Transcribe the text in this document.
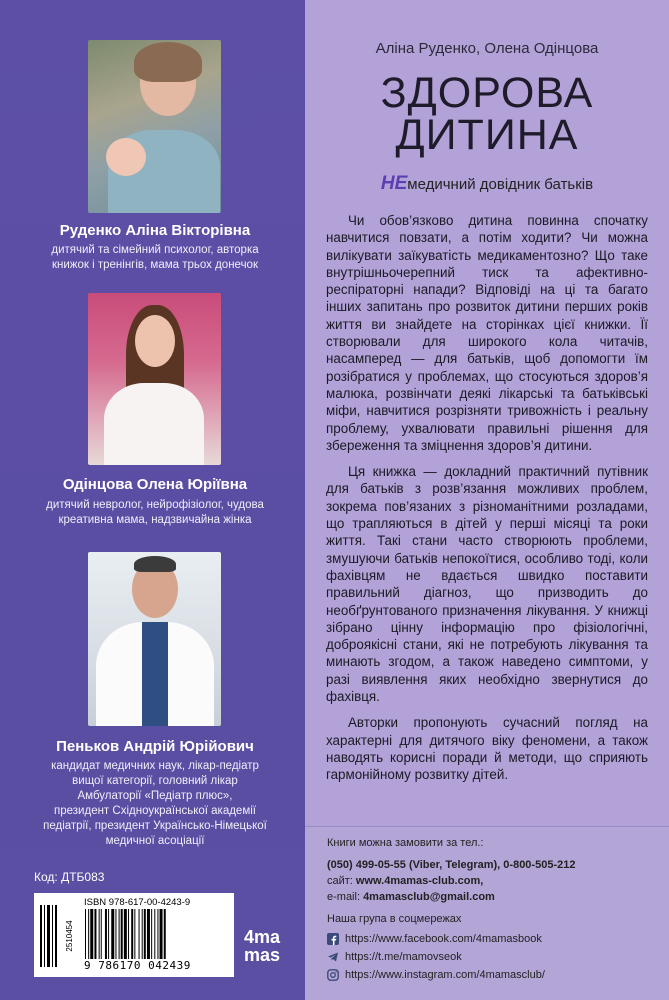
Руденко Аліна Вікторівна
дитячий та сімейний психолог, авторка
книжок і тренінгів, мама трьох донечок
Одінцова Олена Юріївна
дитячий невролог, нейрофізіолог, чудова
креативна мама, надзвичайна жінка
Пеньков Андрій Юрійович
кандидат медичних наук, лікар-педіатр
вищої категорії, головний лікар
Амбулаторії «Педіатр плюс»,
президент Східноукраїнської академії
педіатрії, президент Українсько-Німецької
медичної асоціації
Код: ДТБ083
2510454
ISBN 978-617-00-4243-9
9 786170 042439
4ma
mas
Аліна Руденко, Олена Одінцова
ЗДОРОВА
ДИТИНА
НЕмедичний довідник батьків

Чи обов’язково дитина повинна спочатку навчитися повзати, а потім ходити? Чи можна вилікувати заїкуватість медикаментозно? Що таке внутрішньочерепний тиск та афективно-респіраторні напади? Відповіді на ці та багато інших запитань про розвиток дитини перших років життя ви знайдете на сторінках цієї книжки. Її створювали для широкого кола читачів, насамперед — для батьків, щоб допомогти їм розібратися у проблемах, що стосуються здоров’я малюка, розвінчати деякі лікарські та батьківські міфи, навчитися розрізняти тривожність і реальну проблему, ухвалювати правильні рішення для збереження та зміцнення здоров’я дитини.

Ця книжка — докладний практичний путівник для батьків з розв’язання можливих проблем, зокрема пов’язаних з різноманітними розладами, що трапляються в дітей у перші місяці та роки життя. Такі стани часто створюють проблеми, змушуючи батьків непокоїтися, особливо тоді, коли фахівцям не вдається швидко поставити правильний діагноз, що призводить до необґрунтованого призначення лікування. У книжці зібрано цінну інформацію про фізіологічні, доброякісні стани, які не потребують лікування та минають згодом, а також наведено симптоми, у разі виявлення яких необхідно звернутися до фахівця.

Авторки пропонують сучасний погляд на характерні для дитячого віку феномени, а також наводять корисні поради й методи, що сприяють гармонійному розвитку дітей.

Книги можна замовити за тел.:
(050) 499-05-55 (Viber, Telegram), 0-800-505-212
сайт: www.4mamas-club.com,
e-mail: 4mamasclub@gmail.com
Наша група в соцмережах
https://www.facebook.com/4mamasbook
https://t.me/mamovseok
https://www.instagram.com/4mamasclub/
